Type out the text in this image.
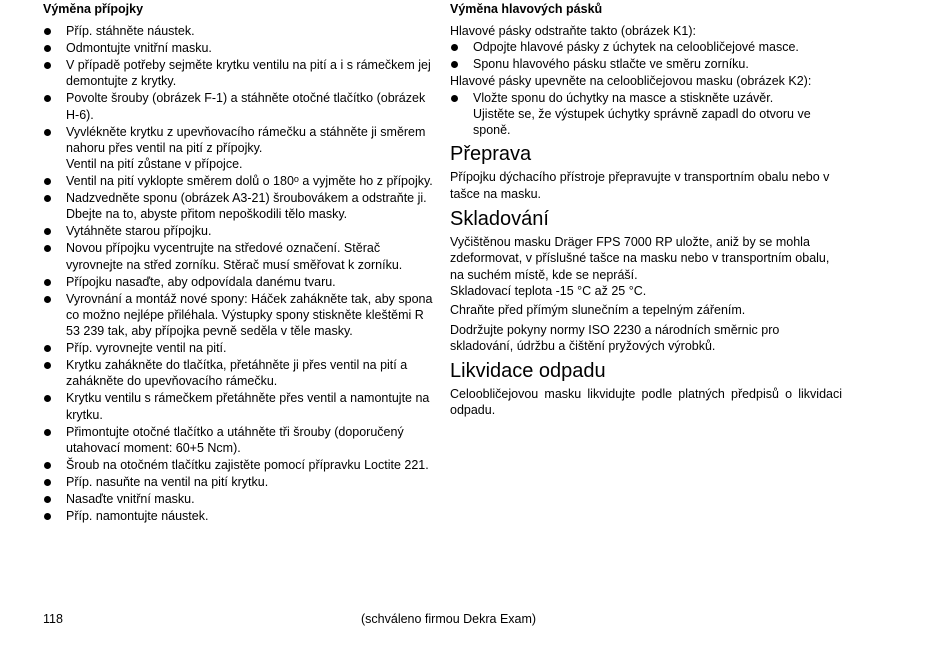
Výměna přípojky
Příp. stáhněte náustek.
Odmontujte vnitřní masku.
V případě potřeby sejměte krytku ventilu na pití a i s rámečkem jej demontujte z krytky.
Povolte šrouby (obrázek F-1) a stáhněte otočné tlačítko (obrázek H-6).
Vyvlékněte krytku z upevňovacího rámečku a stáhněte ji směrem nahoru přes ventil na pití z přípojky.
Ventil na pití zůstane v přípojce.
Ventil na pití vyklopte směrem dolů o 180$^o$ a vyjměte ho z přípojky.
Nadzvedněte sponu (obrázek A3-21) šroubovákem a odstraňte ji. Dbejte na to, abyste přitom nepoškodili tělo masky.
Vytáhněte starou přípojku.
Novou přípojku vycentrujte na středové označení. Stěrač vyrovnejte na střed zorníku. Stěrač musí směřovat k zorníku.
Přípojku nasaďte, aby odpovídala danému tvaru.
Vyrovnání a montáž nové spony: Háček zahákněte tak, aby spona co možno nejlépe přiléhala. Výstupky spony stiskněte kleštěmi R 53 239 tak, aby přípojka pevně seděla v těle masky.
Příp. vyrovnejte ventil na pití.
Krytku zahákněte do tlačítka, přetáhněte ji přes ventil na pití a zahákněte do upevňovacího rámečku.
Krytku ventilu s rámečkem přetáhněte přes ventil a namontujte na krytku.
Přimontujte otočné tlačítko a utáhněte tři šrouby (doporučený utahovací moment: 60+5 Ncm).
Šroub na otočném tlačítku zajistěte pomocí přípravku Loctite 221.
Příp. nasuňte na ventil na pití krytku.
Nasaďte vnitřní masku.
Příp. namontujte náustek.
Výměna hlavových pásků

Hlavové pásky odstraňte takto (obrázek K1):

Odpojte hlavové pásky z úchytek na celoobličejové masce.
Sponu hlavového pásku stlačte ve směru zorníku.

Hlavové pásky upevněte na celoobličejovou masku (obrázek K2):

Vložte sponu do úchytky na masce a stiskněte uzávěr.
Ujistěte se, že výstupek úchytky správně zapadl do otvoru ve sponě.
Přeprava

Přípojku dýchacího přístroje přepravujte v transportním obalu nebo v tašce na masku.

Skladování

Vyčištěnou masku Dräger FPS 7000 RP uložte, aniž by se mohla zdeformovat, v příslušné tašce na masku nebo v transportním obalu, na suchém místě, kde se nepráší.

Skladovací teplota -15 °C až 25 °C.

Chraňte před přímým slunečním a tepelným zářením.

Dodržujte pokyny normy ISO 2230 a národních směrnic pro skladování, údržbu a čištění pryžových výrobků.

Likvidace odpadu

Celoobličejovou masku likvidujte podle platných předpisů o likvidaci odpadu.

118	(schváleno firmou Dekra Exam)
